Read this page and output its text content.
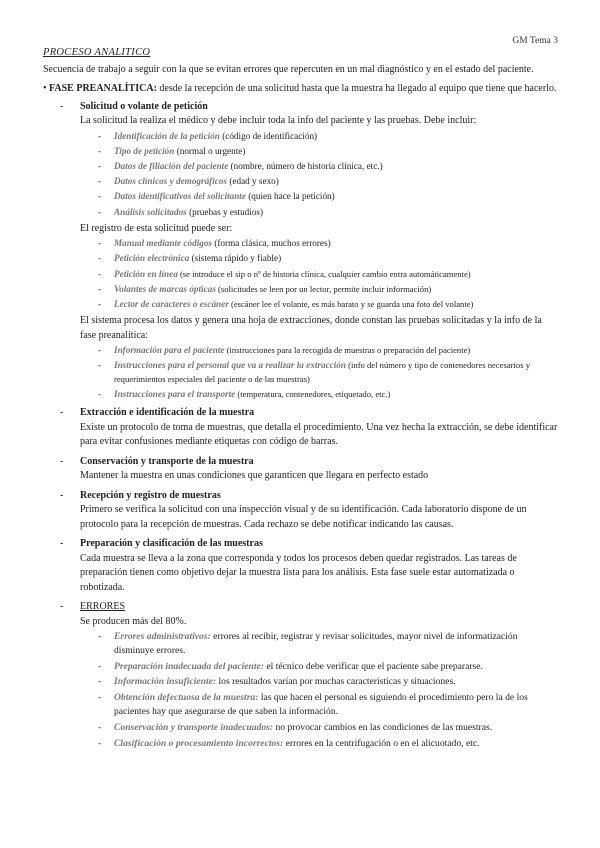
GM Tema 3

PROCESO ANALITICO

Secuencia de trabajo a seguir con la que se evitan errores que repercuten en un mal diagnóstico y en el estado del paciente.

• FASE PREANALÍTICA: desde la recepción de una solicitud hasta que la muestra ha llegado al equipo que tiene que hacerlo.

- Solicitud o volante de petición
La solicitud la realiza el médico y debe incluir toda la info del paciente y las pruebas. Debe incluir:
- Identificación de la petición (código de identificación)
- Tipo de petición (normal o urgente)
- Datos de filiación del paciente (nombre, número de historia clínica, etc.)
- Datos clínicos y demográficos (edad y sexo)
- Datos identificativos del solicitante (quien hace la petición)
- Análisis solicitados (pruebas y estudios)
El registro de esta solicitud puede ser:
- Manual mediante códigos (forma clásica, muchos errores)
- Petición electrónica (sistema rápido y fiable)
- Petición en línea (se introduce el sip o nº de historia clínica, cualquier cambio entra automáticamente)
- Volantes de marcas ópticas (solicitudes se leen por un lector, permite incluir información)
- Lector de caracteres o escáner (escáner lee el volante, es más barato y se guarda una foto del volante)
El sistema procesa los datos y genera una hoja de extracciones, donde constan las pruebas solicitadas y la info de la fase preanalítica:
- Información para el paciente (instrucciones para la recogida de muestras o preparación del paciente)
- Instrucciones para el personal que va a realizar la extracción (info del número y tipo de contenedores necesarios y requerimientos especiales del paciente o de las muestras)
- Instrucciones para el transporte (temperatura, contenedores, etiquetado, etc.)
- Extracción e identificación de la muestra
Existe un protocolo de toma de muestras, que detalla el procedimiento. Una vez hecha la extracción, se debe identificar para evitar confusiones mediante etiquetas con código de barras.
- Conservación y transporte de la muestra
Mantener la muestra en unas condiciones que garanticen que llegara en perfecto estado
- Recepción y registro de muestras
Primero se verifica la solicitud con una inspección visual y de su identificación. Cada laboratorio dispone de un protocolo para la recepción de muestras. Cada rechazo se debe notificar indicando las causas.
- Preparación y clasificación de las muestras
Cada muestra se lleva a la zona que corresponda y todos los procesos deben quedar registrados. Las tareas de preparación tienen como objetivo dejar la muestra lista para los análisis. Esta fase suele estar automatizada o robotizada.
- ERRORES
Se producen más del 80%.
- Errores administrativos: errores al recibir, registrar y revisar solicitudes, mayor nivel de informatización disminuye errores.
- Preparación inadecuada del paciente: el técnico debe verificar que el paciente sabe prepararse.
- Información insuficiente: los resultados varían por muchas características y situaciones.
- Obtención defectuosa de la muestra: las que hacen el personal es siguiendo el procedimiento pero la de los pacientes hay que asegurarse de que saben la información.
- Conservación y transporte inadecuados: no provocar cambios en las condiciones de las muestras.
- Clasificación o procesamiento incorrectos: errores en la centrifugación o en el alicuotado, etc.
